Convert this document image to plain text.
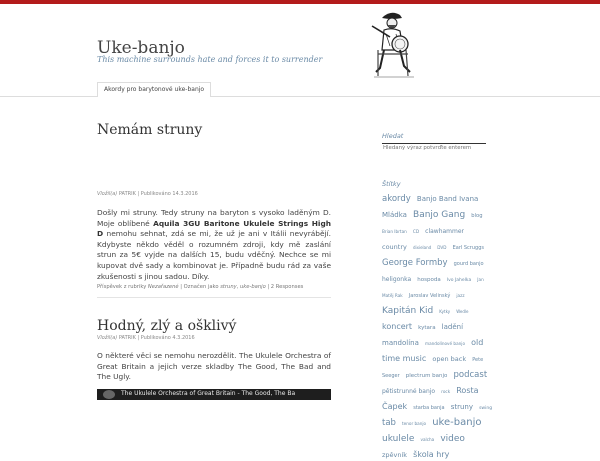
Uke-banjo
This machine surrounds hate and forces it to surrender
Akordy pro barytonové uke-banjo
Nemám struny
Vložil(a) PATRIK | Publikováno 14.3.2016
Došly mi struny. Tedy struny na baryton s vysoko laděným D. Moje oblíbené Aquila 3GU Baritone Ukulele Strings High D nemohu sehnat, zdá se mi, že už je ani v Itálii nevyrábějí. Kdybyste někdo věděl o rozumném zdroji, kdy mě zaslání strun za 5€ vyjde na dalších 15, budu vděčný. Nechce se mi kupovat dvě sady a kombinovat je. Případně budu rád za vaše zkušenosti s jinou sadou. Díky.
Příspěvek z rubriky Nezařazené | Označen jako struny, uke-banjo | 2 Responses
Hodný, zlý a ošklivý
Vložil(a) PATRIK | Publikováno 4.3.2016
O některé věci se nemohu nerozdělit. The Ukulele Orchestra of Great Britain a jejich verze skladby The Good, The Bad and The Ugly.
The Ukulele Orchestra of Great Britain - The Good, The Ba
Hledat
Hledaný výraz potvrďte enterem
Štítky
akordy Banjo Band Ivana Mládka Banjo Gang blog Brian Ibrtan CD clawhammer country dixieland DVD Earl Scruggs George Formby gourd banjo heligonka hospoda Ivo Jahelka Jan Matěj Rak Jaroslav Velinský jazz Kapitán Kid Kytky Wedle koncert kytara ladění mandolína mandolínové banjo old time music open back Pete Seeger plectrum banjo podcast pětistrunné banjo rock Rosta Čapek starba banja struny swing tab tenor banjo uke-banjo ukulele valcha video zpěvník škola hry
